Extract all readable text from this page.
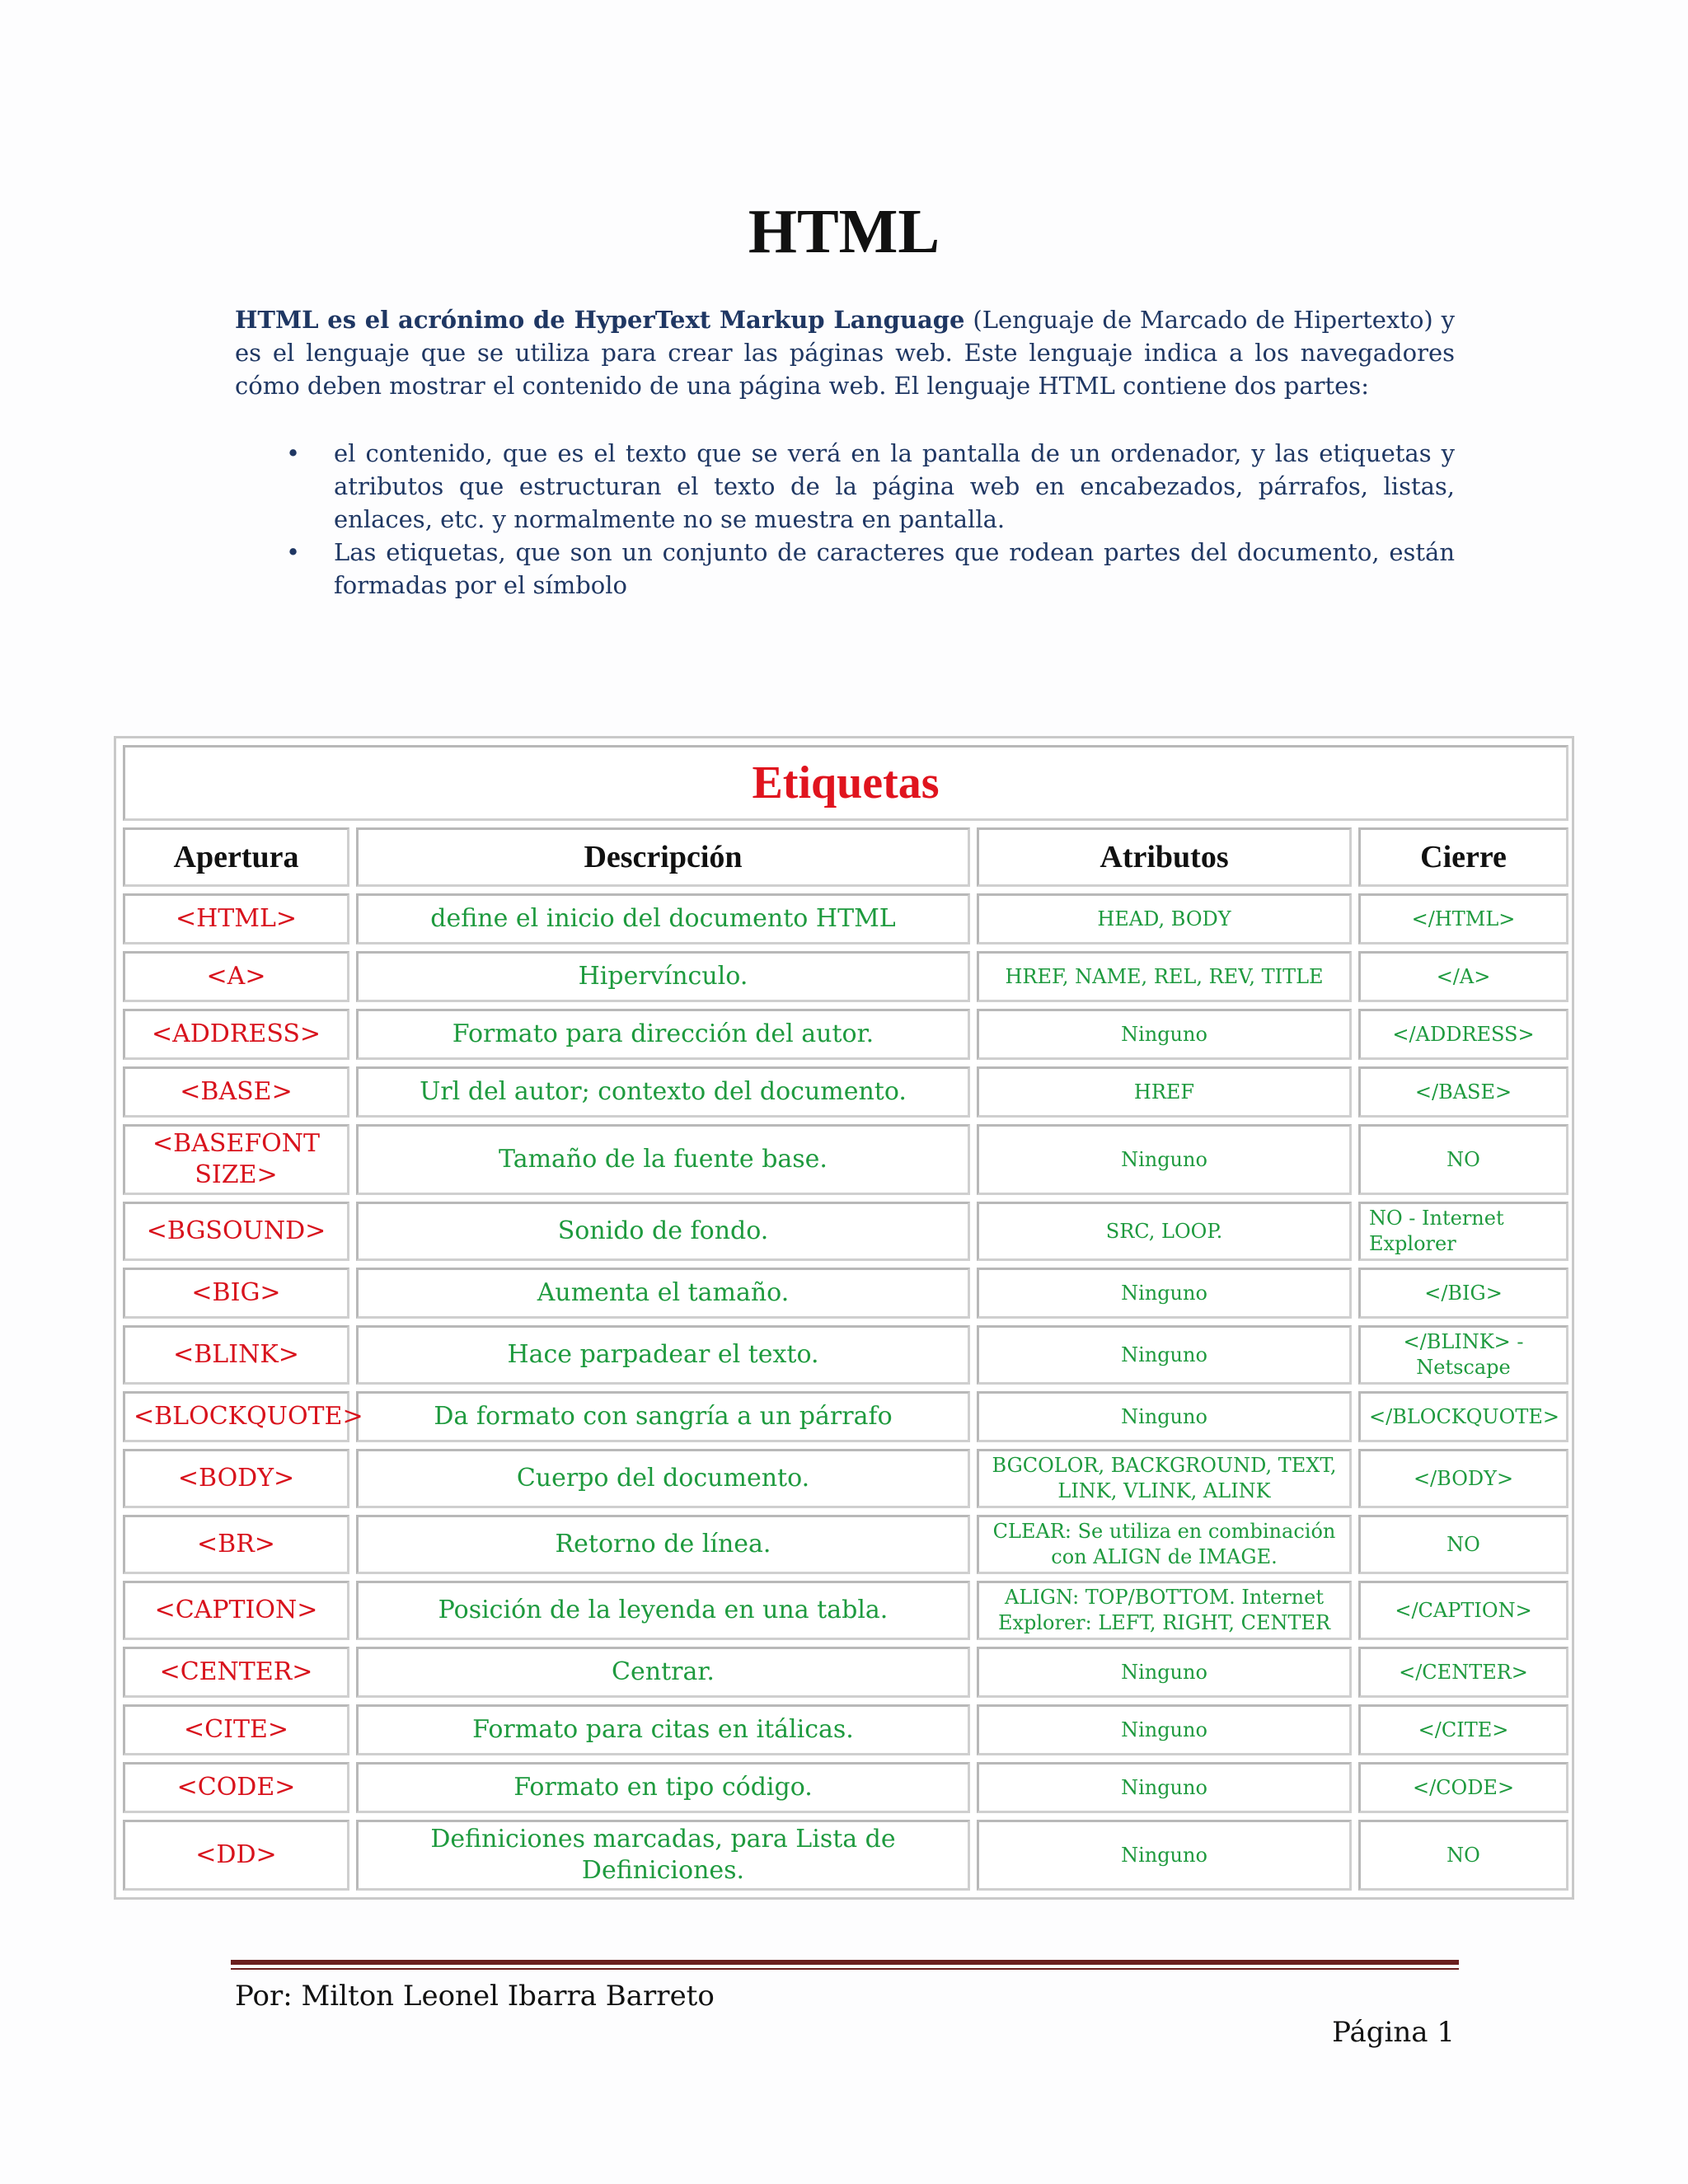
HTML

HTML es el acrónimo de HyperText Markup Language (Lenguaje de Marcado de Hipertexto) y es el lenguaje que se utiliza para crear las páginas web. Este lenguaje indica a los navegadores cómo deben mostrar el contenido de una página web. El lenguaje HTML contiene dos partes:

• el contenido, que es el texto que se verá en la pantalla de un ordenador, y las etiquetas y atributos que estructuran el texto de la página web en encabezados, párrafos, listas, enlaces, etc. y normalmente no se muestra en pantalla.
• Las etiquetas, que son un conjunto de caracteres que rodean partes del documento, están formadas por el símbolo
Etiquetas			
Apertura	Descripción	Atributos	Cierre
<HTML>	define el inicio del documento HTML	HEAD, BODY	</HTML>
<A>	Hipervínculo.	HREF, NAME, REL, REV, TITLE	</A>
<ADDRESS>	Formato para dirección del autor.	Ninguno	</ADDRESS>
<BASE>	Url del autor; contexto del documento.	HREF	</BASE>
<BASEFONT SIZE>	Tamaño de la fuente base.	Ninguno	NO
<BGSOUND>	Sonido de fondo.	SRC, LOOP.	NO - Internet Explorer
<BIG>	Aumenta el tamaño.	Ninguno	</BIG>
<BLINK>	Hace parpadear el texto.	Ninguno	</BLINK> - Netscape
<BLOCKQUOTE>	Da formato con sangría a un párrafo	Ninguno	</BLOCKQUOTE>
<BODY>	Cuerpo del documento.	BGCOLOR, BACKGROUND, TEXT, LINK, VLINK, ALINK	</BODY>
<BR>	Retorno de línea.	CLEAR: Se utiliza en combinación con ALIGN de IMAGE.	NO
<CAPTION>	Posición de la leyenda en una tabla.	ALIGN: TOP/BOTTOM. Internet Explorer: LEFT, RIGHT, CENTER	</CAPTION>
<CENTER>	Centrar.	Ninguno	</CENTER>
<CITE>	Formato para citas en itálicas.	Ninguno	</CITE>
<CODE>	Formato en tipo código.	Ninguno	</CODE>
<DD>	Definiciones marcadas, para Lista de Definiciones.	Ninguno	NO
Por: Milton Leonel Ibarra Barreto
Página 1
